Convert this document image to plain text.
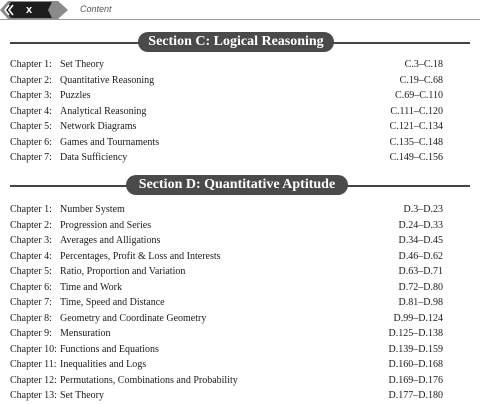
x	Content
Section C: Logical Reasoning
Chapter 1: Set Theory	C.3–C.18
Chapter 2: Quantitative Reasoning	C.19–C.68
Chapter 3: Puzzles	C.69–C.110
Chapter 4: Analytical Reasoning	C.111–C.120
Chapter 5: Network Diagrams	C.121–C.134
Chapter 6: Games and Tournaments	C.135–C.148
Chapter 7: Data Sufficiency	C.149–C.156
Section D: Quantitative Aptitude
Chapter 1: Number System	D.3–D.23
Chapter 2: Progression and Series	D.24–D.33
Chapter 3: Averages and Alligations	D.34–D.45
Chapter 4: Percentages, Profit & Loss and Interests	D.46–D.62
Chapter 5: Ratio, Proportion and Variation	D.63–D.71
Chapter 6: Time and Work	D.72–D.80
Chapter 7: Time, Speed and Distance	D.81–D.98
Chapter 8: Geometry and Coordinate Geometry	D.99–D.124
Chapter 9: Mensuration	D.125–D.138
Chapter 10: Functions and Equations	D.139–D.159
Chapter 11: Inequalities and Logs	D.160–D.168
Chapter 12: Permutations, Combinations and Probability	D.169–D.176
Chapter 13: Set Theory	D.177–D.180
